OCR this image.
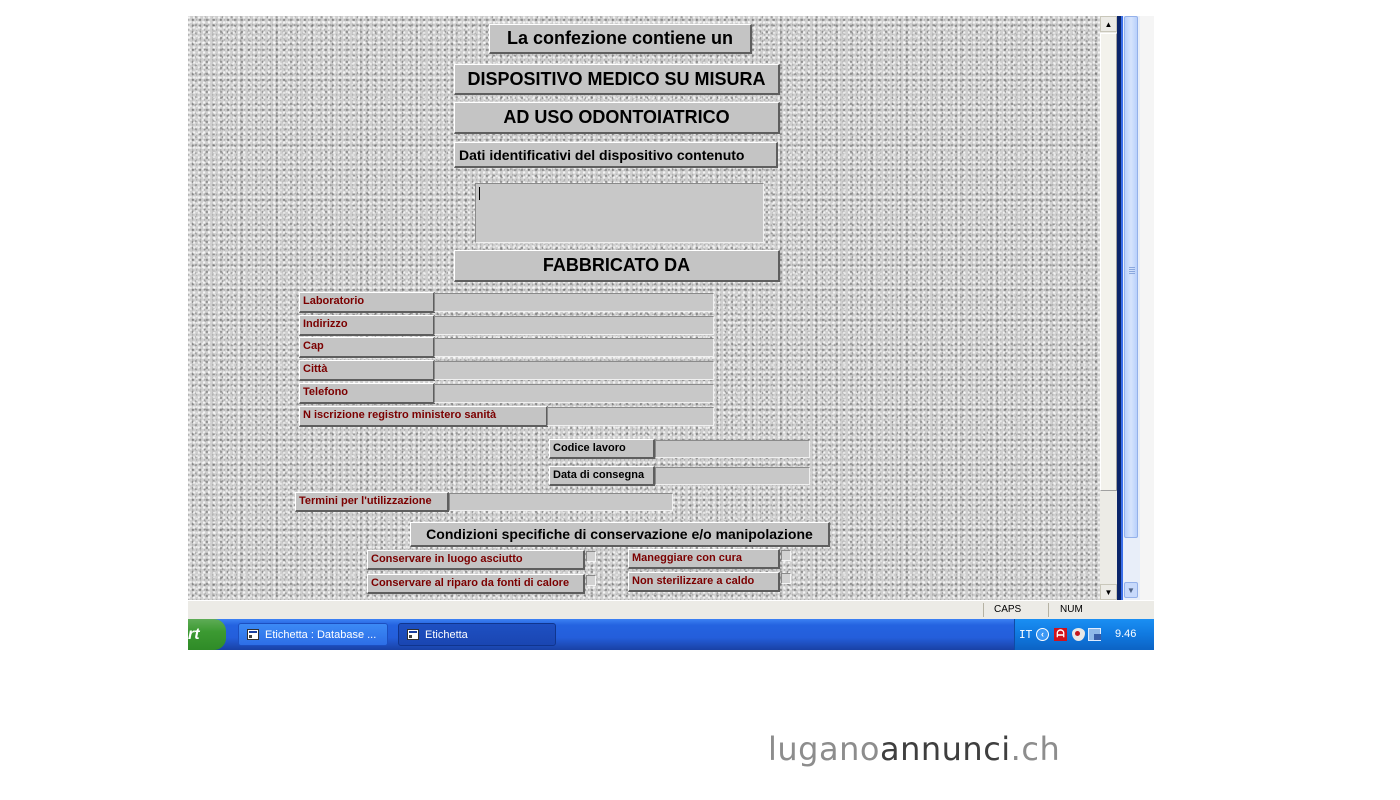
La confezione contiene un
DISPOSITIVO MEDICO SU MISURA
AD USO ODONTOIATRICO
Dati identificativi del dispositivo contenuto
FABBRICATO DA
Laboratorio
Indirizzo
Cap
Città
Telefono
N iscrizione registro ministero sanità
Codice lavoro
Data di consegna
Termini per l'utilizzazione
Condizioni specifiche di conservazione e/o manipolazione
Conservare in luogo asciutto
Conservare al riparo da fonti di calore
Maneggiare con cura
Non sterilizzare a caldo
▲
▼	▼
CAPS	NUM
rt	Etichetta : Database ...	Etichetta	IT ‹	ᗩ	9.46
luganoannunci.ch
